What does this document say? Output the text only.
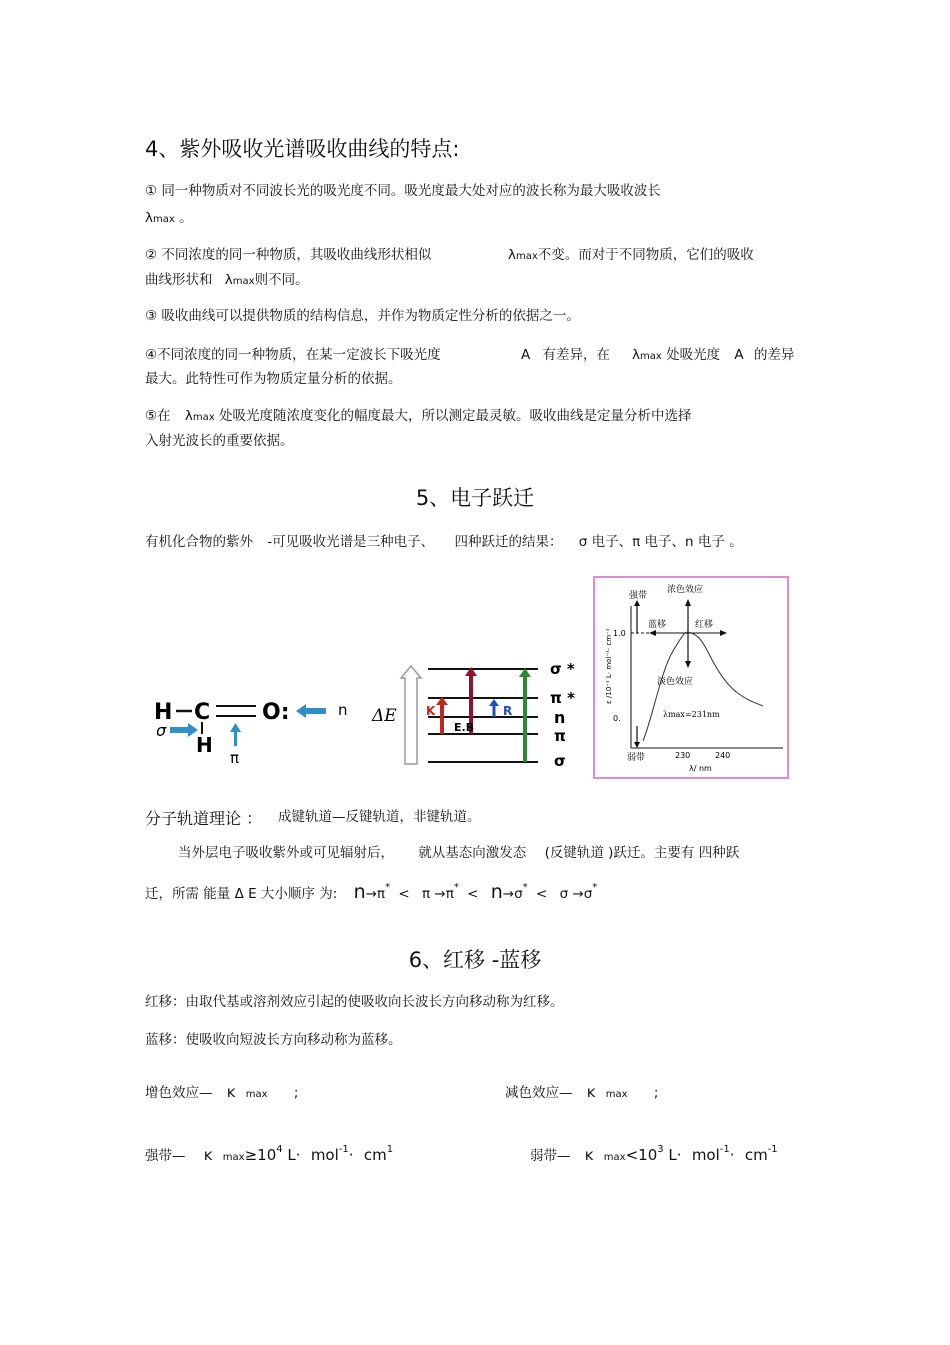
4、紫外吸收光谱吸收曲线的特点:
① 同一种物质对不同波长光的吸光度不同。吸光度最大处对应的波长称为最大吸收波长
λmax 。
② 不同浓度的同一种物质，其吸收曲线形状相似	λmax不变。而对于不同物质，它们的吸收
曲线形状和 λmax则不同。
③ 吸收曲线可以提供物质的结构信息，并作为物质定性分析的依据之一。
④不同浓度的同一种物质，在某一定波长下吸光度	A 有差异，在 λmax 处吸光度 A 的差异
最大。此特性可作为物质定量分析的依据。
⑤在 λmax 处吸光度随浓度变化的幅度最大，所以测定最灵敏。吸收曲线是定量分析中选择
入射光波长的重要依据。
5、电子跃迁
有机化合物的紫外 -可见吸收光谱是三种电子、 四种跃迁的结果： σ 电子、π 电子、n 电子 。
H C O:
H
σ
π
n ΔE
σ *
π *
n
π
σ
K
E.B
R
1.0
0.
ε /10⁻¹ L· mol⁻¹· cm⁻¹
强带
弱带
浓色效应
蓝移	红移
淡色效应
λmax=231nm
230	240
λ/ nm
分子轨道理论 ： 成键轨道—反键轨道，非键轨道。
当外层电子吸收紫外或可见辐射后， 就从基态向激发态 (反键轨道 )跃迁。主要有 四种跃
迁，所需 能量 Δ E 大小顺序 为: n→π* < π →π* < n→σ* < σ →σ*
6、红移 -蓝移
红移：由取代基或溶剂效应引起的使吸收向长波长方向移动称为红移。
蓝移：使吸收向短波长方向移动称为蓝移。
增色效应— ĸ max ;	减色效应— ĸ max ;
强带— ĸ $\max\ge 10^4$ $L\cdot mol^{-1}\cdot cm^1$	弱带— ĸ $\max<10^3$ $L\cdot mol^{-1}\cdot cm^{-1}$
